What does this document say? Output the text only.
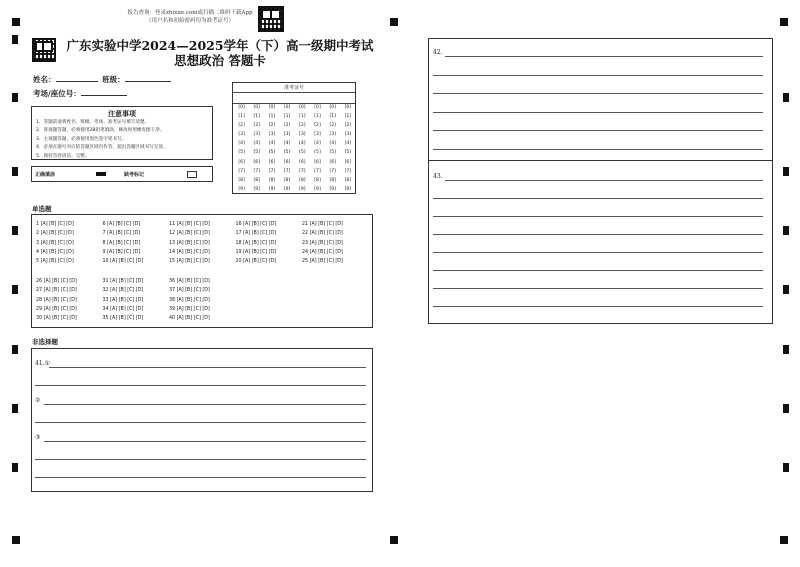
报告查询：登录zhixue.com或扫描二维码下载App
（用户名和初始密码均为准考证号）
广东实验中学2024—2025学年（下）高一级期中考试
思想政治 答题卡
姓名：	班级：
考场/座位号：
注意事项
1．答题前请将姓名、班级、考场、准考证号填写清楚。
2．客观题答题，必须使用2B铅笔填涂，修改时用橡皮擦干净。
3．主观题答题，必须使用黑色签字笔书写。
4．必须在题号对应的答题区域内作答，超出答题区域书写无效。
5．保持答卷清洁、完整。
正确填涂	缺考标记
准考证号
[0]
[1]
[2]
[3]
[4]
[5]
[6]
[7]
[8]
[9]
[0]
[1]
[2]
[3]
[4]
[5]
[6]
[7]
[8]
[9]
[0]
[1]
[2]
[3]
[4]
[5]
[6]
[7]
[8]
[9]
[0]
[1]
[2]
[3]
[4]
[5]
[6]
[7]
[8]
[9]
[0]
[1]
[2]
[3]
[4]
[5]
[6]
[7]
[8]
[9]
[0]
[1]
[2]
[3]
[4]
[5]
[6]
[7]
[8]
[9]
[0]
[1]
[2]
[3]
[4]
[5]
[6]
[7]
[8]
[9]
[0]
[1]
[2]
[3]
[4]
[5]
[6]
[7]
[8]
[9]
单选题
1 [A] [B] [C] [D]
2 [A] [B] [C] [D]
3 [A] [B] [C] [D]
4 [A] [B] [C] [D]
5 [A] [B] [C] [D]
6 [A] [B] [C] [D]
7 [A] [B] [C] [D]
8 [A] [B] [C] [D]
9 [A] [B] [C] [D]
10 [A] [B] [C] [D]
11 [A] [B] [C] [D]
12 [A] [B] [C] [D]
13 [A] [B] [C] [D]
14 [A] [B] [C] [D]
15 [A] [B] [C] [D]
16 [A] [B] [C] [D]
17 [A] [B] [C] [D]
18 [A] [B] [C] [D]
19 [A] [B] [C] [D]
20 [A] [B] [C] [D]
21 [A] [B] [C] [D]
22 [A] [B] [C] [D]
23 [A] [B] [C] [D]
24 [A] [B] [C] [D]
25 [A] [B] [C] [D]
26 [A] [B] [C] [D]
27 [A] [B] [C] [D]
28 [A] [B] [C] [D]
29 [A] [B] [C] [D]
30 [A] [B] [C] [D]
31 [A] [B] [C] [D]
32 [A] [B] [C] [D]
33 [A] [B] [C] [D]
34 [A] [B] [C] [D]
35 [A] [B] [C] [D]
36 [A] [B] [C] [D]
37 [A] [B] [C] [D]
38 [A] [B] [C] [D]
39 [A] [B] [C] [D]
40 [A] [B] [C] [D]
非选择题
41.①
②
③
42.
43.
